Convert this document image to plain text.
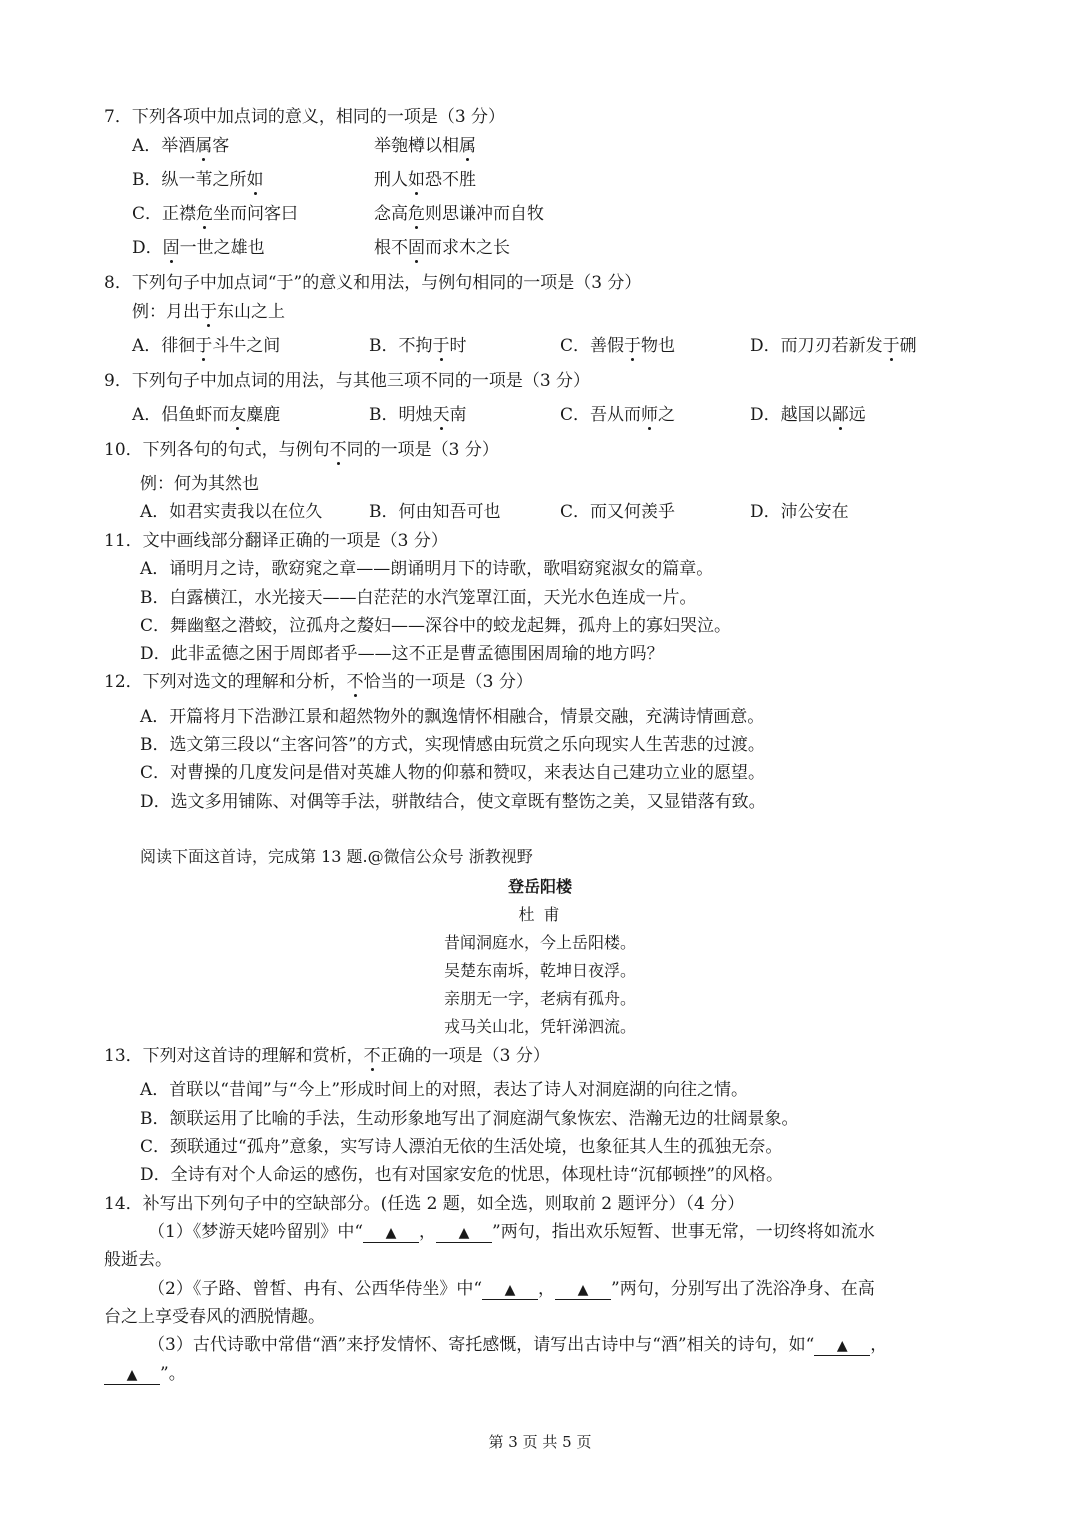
7．下列各项中加点词的意义，相同的一项是（3 分）
A．举酒属客	举匏樽以相属
B．纵一苇之所如	刑人如恐不胜
C．正襟危坐而问客曰	念高危则思谦冲而自牧
D．固一世之雄也	根不固而求木之长
8．下列句子中加点词“于”的意义和用法，与例句相同的一项是（3 分）
例：月出于东山之上
A．徘徊于斗牛之间	B．不拘于时	C．善假于物也	D．而刀刃若新发于硎
9．下列句子中加点词的用法，与其他三项不同的一项是（3 分）
A．侣鱼虾而友麋鹿	B．明烛天南	C．吾从而师之	D．越国以鄙远
10．下列各句的句式，与例句不同的一项是（3 分）
例：何为其然也
A．如君实责我以在位久	B．何由知吾可也	C．而又何羡乎	D．沛公安在
11．文中画线部分翻译正确的一项是（3 分）
A．诵明月之诗，歌窈窕之章——朗诵明月下的诗歌，歌唱窈窕淑女的篇章。
B．白露横江，水光接天——白茫茫的水汽笼罩江面，天光水色连成一片。
C．舞幽壑之潜蛟，泣孤舟之嫠妇——深谷中的蛟龙起舞，孤舟上的寡妇哭泣。
D．此非孟德之困于周郎者乎——这不正是曹孟德围困周瑜的地方吗？
12．下列对选文的理解和分析，不恰当的一项是（3 分）
A．开篇将月下浩渺江景和超然物外的飘逸情怀相融合，情景交融，充满诗情画意。
B．选文第三段以“主客问答”的方式，实现情感由玩赏之乐向现实人生苦悲的过渡。
C．对曹操的几度发问是借对英雄人物的仰慕和赞叹，来表达自己建功立业的愿望。
D．选文多用铺陈、对偶等手法，骈散结合，使文章既有整饬之美，又显错落有致。
阅读下面这首诗，完成第 13 题.@微信公众号 浙教视野
登岳阳楼
杜 甫
昔闻洞庭水，今上岳阳楼。
吴楚东南坼，乾坤日夜浮。
亲朋无一字，老病有孤舟。
戎马关山北，凭轩涕泗流。
13．下列对这首诗的理解和赏析，不正确的一项是（3 分）
A．首联以“昔闻”与“今上”形成时间上的对照，表达了诗人对洞庭湖的向往之情。
B．颔联运用了比喻的手法，生动形象地写出了洞庭湖气象恢宏、浩瀚无边的壮阔景象。
C．颈联通过“孤舟”意象，实写诗人漂泊无依的生活处境，也象征其人生的孤独无奈。
D．全诗有对个人命运的感伤，也有对国家安危的忧思，体现杜诗“沉郁顿挫”的风格。
14．补写出下列句子中的空缺部分。(任选 2 题，如全选，则取前 2 题评分）（4 分）
（1）《梦游天姥吟留别》中“ ▲ ， ▲ ”两句，指出欢乐短暂、世事无常，一切终将如流水
般逝去。
（2）《子路、曾皙、冉有、公西华侍坐》中“ ▲ ， ▲ ”两句，分别写出了洗浴净身、在高
台之上享受春风的洒脱情趣。
（3）古代诗歌中常借“酒”来抒发情怀、寄托感慨，请写出古诗中与“酒”相关的诗句，如“ ▲ ，
▲ ”。
第 3 页 共 5 页
